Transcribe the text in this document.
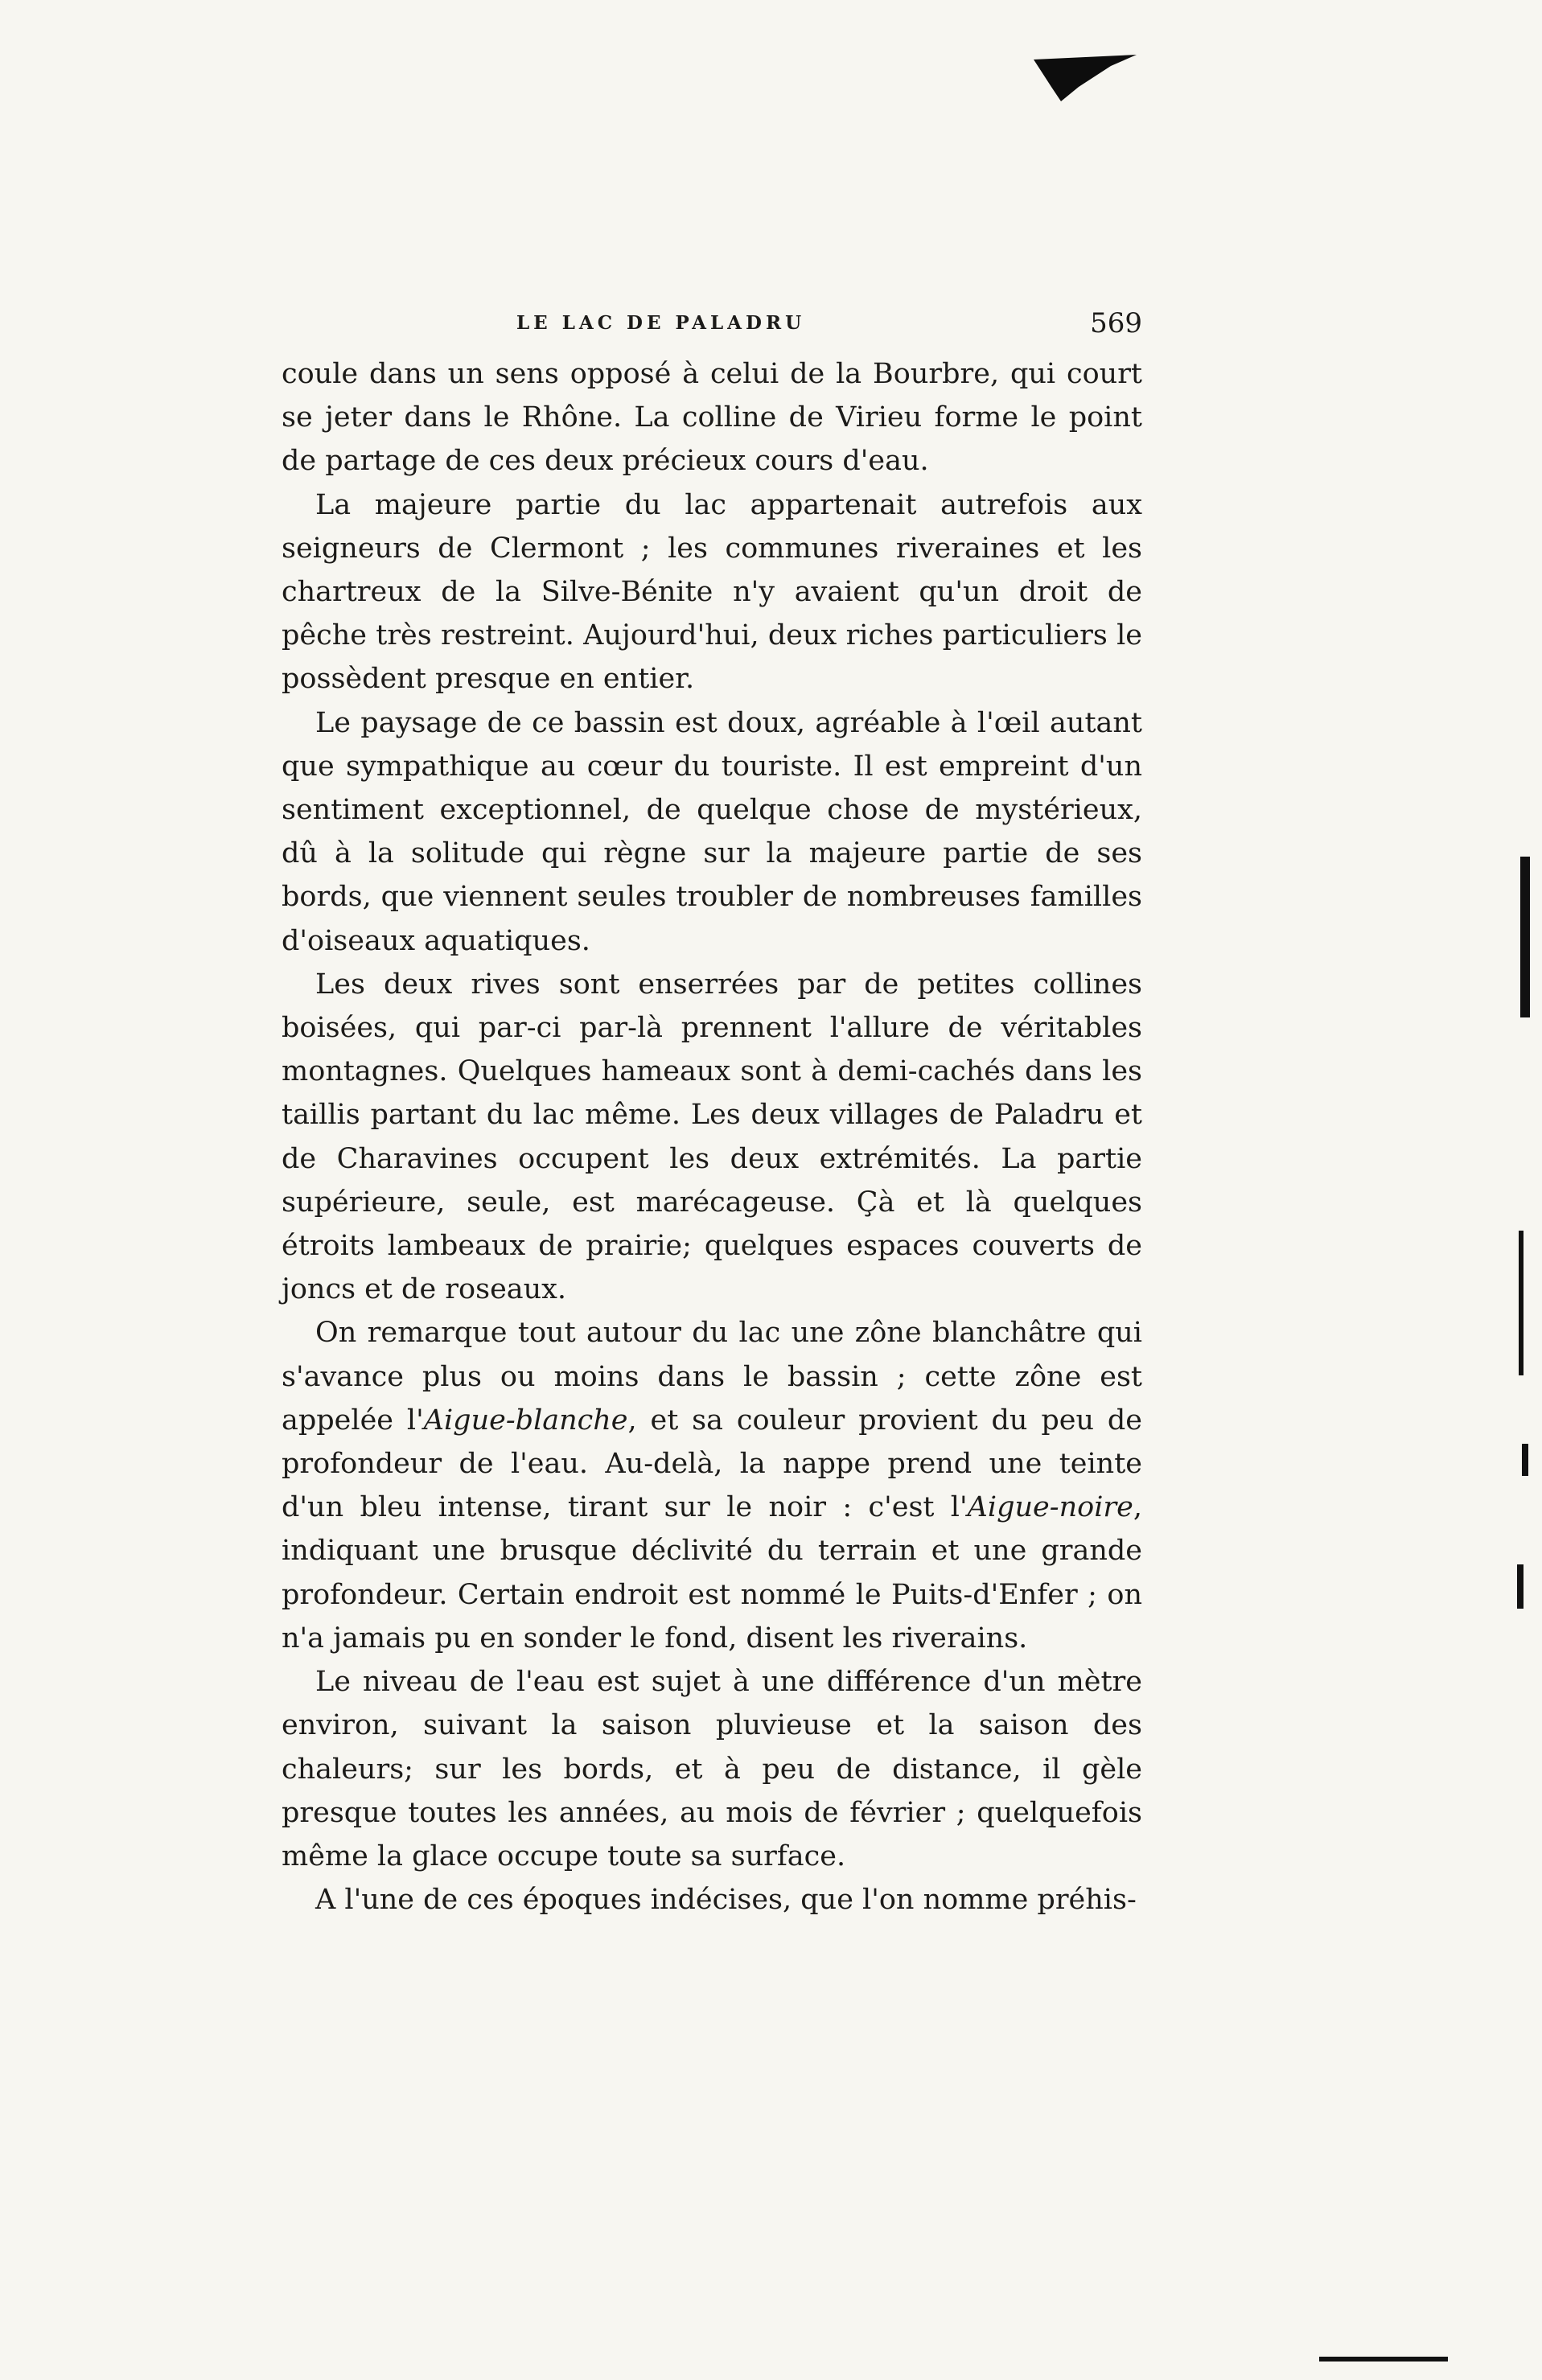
LE LAC DE PALADRU	569

coule dans un sens opposé à celui de la Bourbre, qui court se jeter dans le Rhône. La colline de Virieu forme le point de partage de ces deux précieux cours d'eau.

La majeure partie du lac appartenait autrefois aux seigneurs de Clermont ; les communes riveraines et les chartreux de la Silve-Bénite n'y avaient qu'un droit de pêche très restreint. Aujourd'hui, deux riches particuliers le possèdent presque en entier.

Le paysage de ce bassin est doux, agréable à l'œil autant que sympathique au cœur du touriste. Il est empreint d'un sentiment exceptionnel, de quelque chose de mystérieux, dû à la solitude qui règne sur la majeure partie de ses bords, que viennent seules troubler de nombreuses familles d'oiseaux aquatiques.

Les deux rives sont enserrées par de petites collines boisées, qui par-ci par-là prennent l'allure de véritables montagnes. Quelques hameaux sont à demi-cachés dans les taillis partant du lac même. Les deux villages de Paladru et de Charavines occupent les deux extrémités. La partie supérieure, seule, est marécageuse. Çà et là quelques étroits lambeaux de prairie; quelques espaces couverts de joncs et de roseaux.

On remarque tout autour du lac une zône blanchâtre qui s'avance plus ou moins dans le bassin ; cette zône est appelée l'Aigue-blanche, et sa couleur provient du peu de profondeur de l'eau. Au-delà, la nappe prend une teinte d'un bleu intense, tirant sur le noir : c'est l'Aigue-noire, indiquant une brusque déclivité du terrain et une grande profondeur. Certain endroit est nommé le Puits-d'Enfer ; on n'a jamais pu en sonder le fond, disent les riverains.

Le niveau de l'eau est sujet à une différence d'un mètre environ, suivant la saison pluvieuse et la saison des chaleurs; sur les bords, et à peu de distance, il gèle presque toutes les années, au mois de février ; quelquefois même la glace occupe toute sa surface.

A l'une de ces époques indécises, que l'on nomme préhis-
